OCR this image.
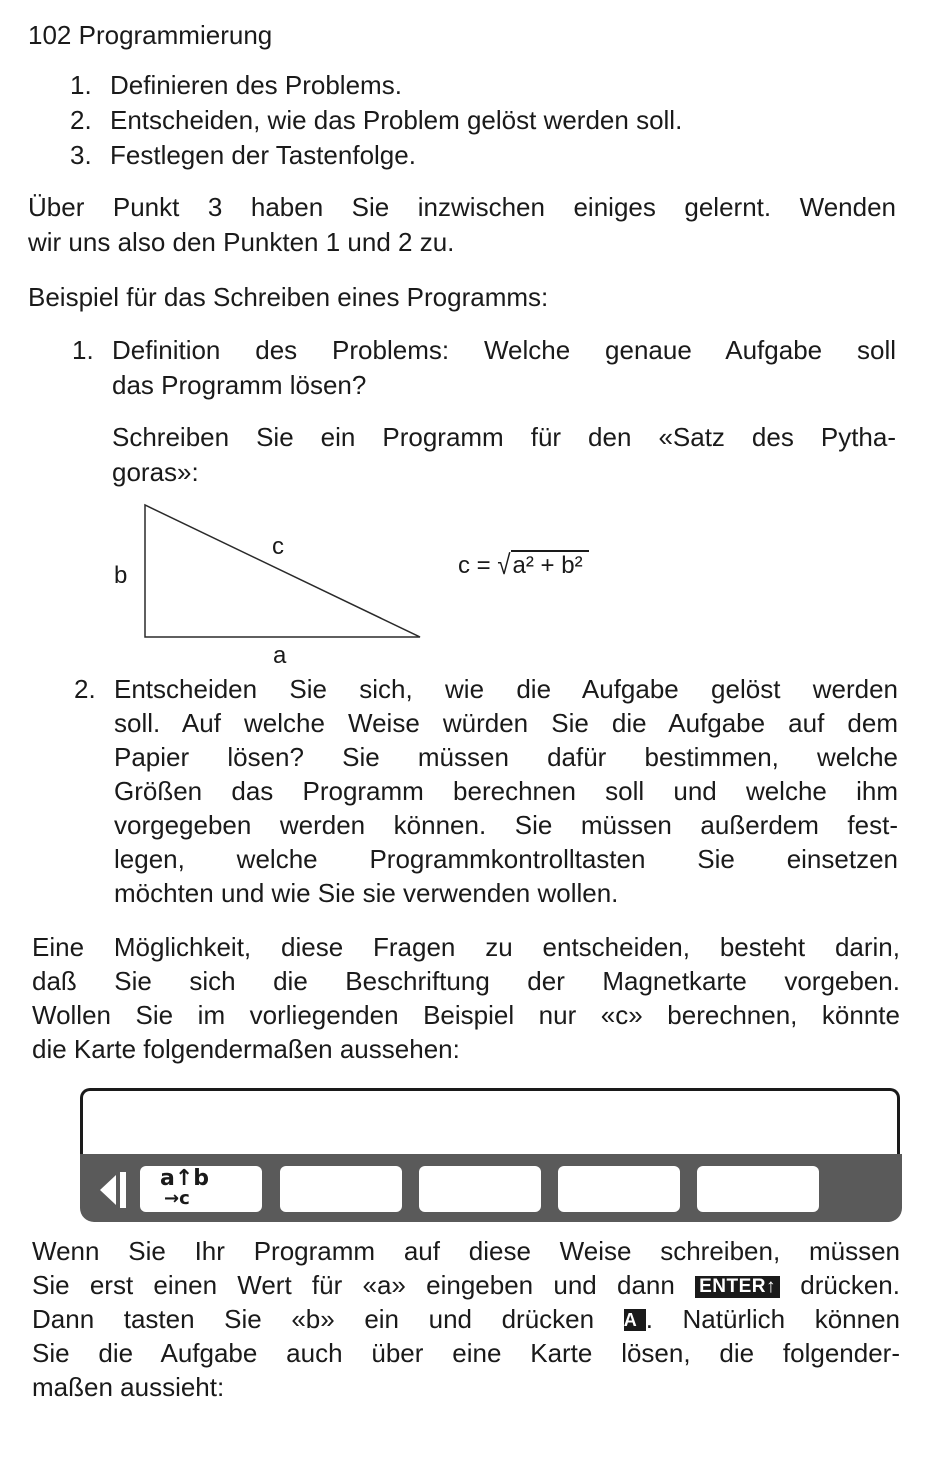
102 Programmierung
1. Definieren des Problems.
2. Entscheiden, wie das Problem gelöst werden soll.
3. Festlegen der Tastenfolge.
Über Punkt 3 haben Sie inzwischen einiges gelernt. Wenden
wir uns also den Punkten 1 und 2 zu.
Beispiel für das Schreiben eines Programms:
1. Definition des Problems: Welche genaue Aufgabe soll
das Programm lösen?
Schreiben Sie ein Programm für den «Satz des Pytha-
goras»:
b
c
a
c = √a² + b²
2. Entscheiden Sie sich, wie die Aufgabe gelöst werden
soll. Auf welche Weise würden Sie die Aufgabe auf dem
Papier lösen? Sie müssen dafür bestimmen, welche
Größen das Programm berechnen soll und welche ihm
vorgegeben werden können. Sie müssen außerdem fest-
legen, welche Programmkontrolltasten Sie einsetzen
möchten und wie Sie sie verwenden wollen.
Eine Möglichkeit, diese Fragen zu entscheiden, besteht darin,
daß Sie sich die Beschriftung der Magnetkarte vorgeben.
Wollen Sie im vorliegenden Beispiel nur «c» berechnen, könnte
die Karte folgendermaßen aussehen:
a↑b
→c
Wenn Sie Ihr Programm auf diese Weise schreiben, müssen
Sie erst einen Wert für «a» eingeben und dann ENTER↑ drücken.
Dann tasten Sie «b» ein und drücken A . Natürlich können
Sie die Aufgabe auch über eine Karte lösen, die folgender-
maßen aussieht:
